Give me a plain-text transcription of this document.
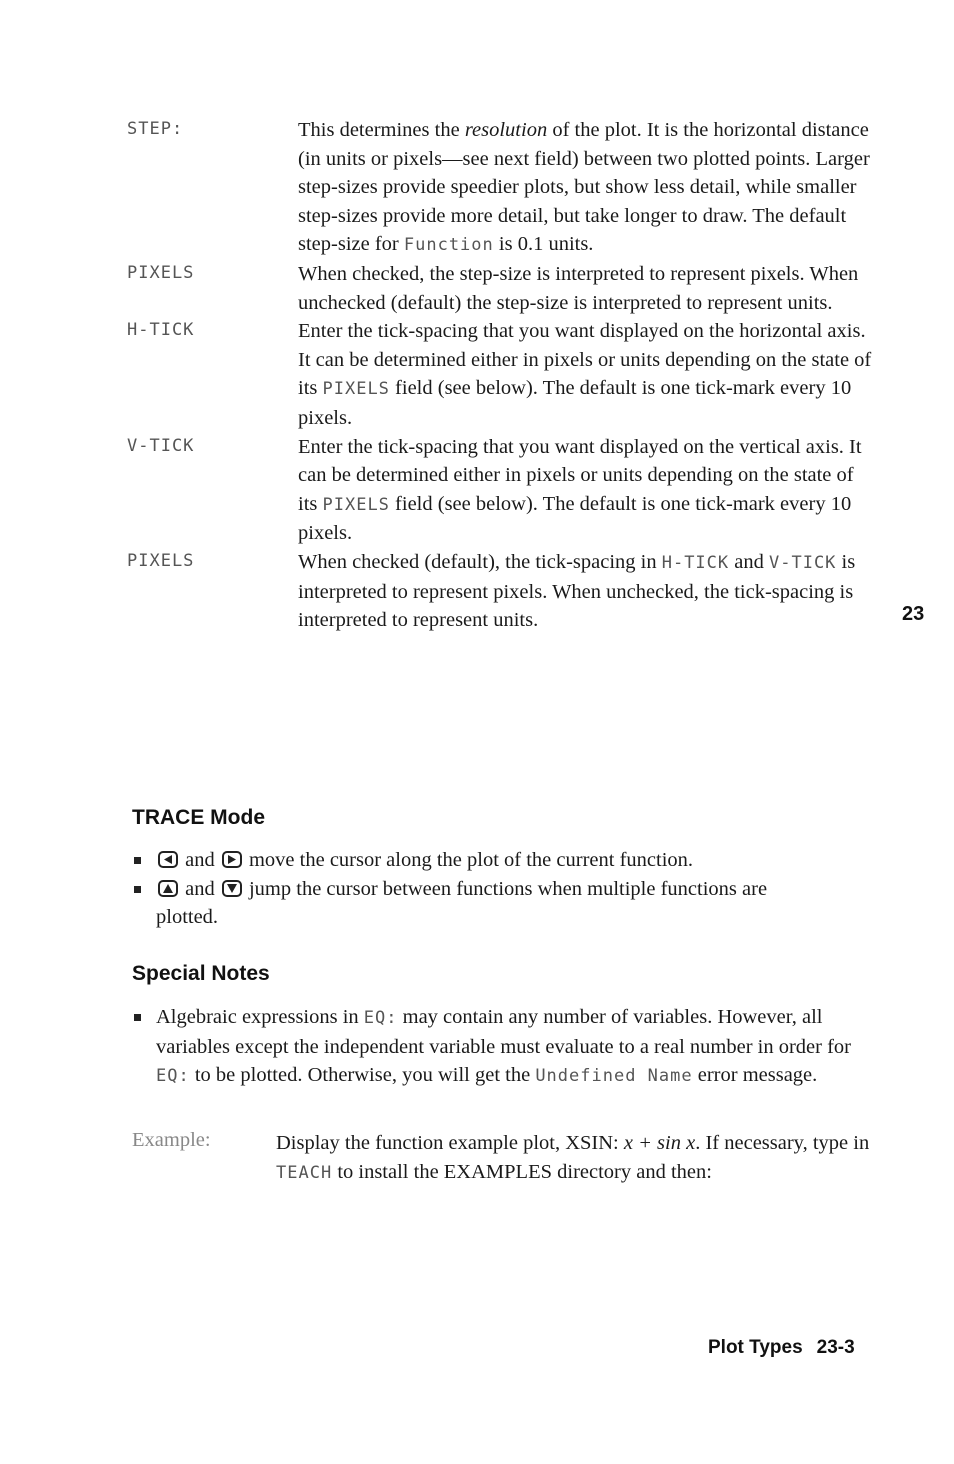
STEP:	This determines the resolution of the plot. It is the horizontal distance (in units or pixels—see next field) between two plotted points. Larger step-sizes provide speedier plots, but show less detail, while smaller step-sizes provide more detail, but take longer to draw. The default step-size for Function is 0.1 units.
PIXELS	When checked, the step-size is interpreted to represent pixels. When unchecked (default) the step-size is interpreted to represent units.
H-TICK	Enter the tick-spacing that you want displayed on the horizontal axis. It can be determined either in pixels or units depending on the state of its PIXELS field (see below). The default is one tick-mark every 10 pixels.
V-TICK	Enter the tick-spacing that you want displayed on the vertical axis. It can be determined either in pixels or units depending on the state of its PIXELS field (see below). The default is one tick-mark every 10 pixels.
PIXELS	When checked (default), the tick-spacing in H-TICK and V-TICK is interpreted to represent pixels. When unchecked, the tick-spacing is interpreted to represent units.
TRACE Mode
and move the cursor along the plot of the current function.
and jump the cursor between functions when multiple functions are plotted.
Special Notes
Algebraic expressions in EQ: may contain any number of variables. However, all variables except the independent variable must evaluate to a real number in order for EQ: to be plotted. Otherwise, you will get the Undefined Name error message.
Example:	Display the function example plot, XSIN: x + sin x. If necessary, type in TEACH to install the EXAMPLES directory and then:
23
Plot Types 23-3
